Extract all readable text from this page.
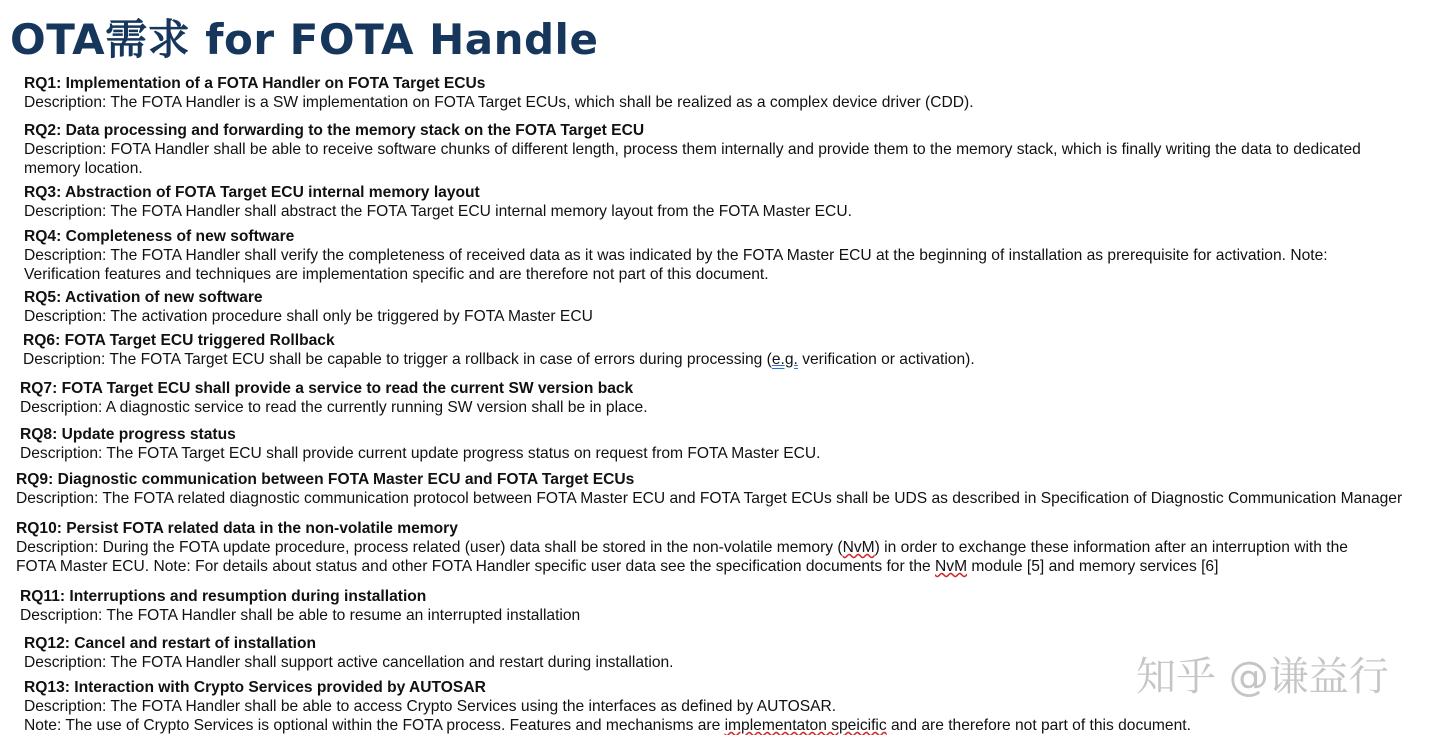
OTA需求 for FOTA Handle
RQ1: Implementation of a FOTA Handler on FOTA Target ECUs
Description: The FOTA Handler is a SW implementation on FOTA Target ECUs, which shall be realized as a complex device driver (CDD).
RQ2: Data processing and forwarding to the memory stack on the FOTA Target ECU
Description: FOTA Handler shall be able to receive software chunks of different length, process them internally and provide them to the memory stack, which is finally writing the data to dedicated
memory location.
RQ3: Abstraction of FOTA Target ECU internal memory layout
Description: The FOTA Handler shall abstract the FOTA Target ECU internal memory layout from the FOTA Master ECU.
RQ4: Completeness of new software
Description: The FOTA Handler shall verify the completeness of received data as it was indicated by the FOTA Master ECU at the beginning of installation as prerequisite for activation. Note:
Verification features and techniques are implementation specific and are therefore not part of this document.
RQ5: Activation of new software
Description: The activation procedure shall only be triggered by FOTA Master ECU
RQ6: FOTA Target ECU triggered Rollback
Description: The FOTA Target ECU shall be capable to trigger a rollback in case of errors during processing (e.g. verification or activation).
RQ7: FOTA Target ECU shall provide a service to read the current SW version back
Description: A diagnostic service to read the currently running SW version shall be in place.
RQ8: Update progress status
Description: The FOTA Target ECU shall provide current update progress status on request from FOTA Master ECU.
RQ9: Diagnostic communication between FOTA Master ECU and FOTA Target ECUs
Description: The FOTA related diagnostic communication protocol between FOTA Master ECU and FOTA Target ECUs shall be UDS as described in Specification of Diagnostic Communication Manager
RQ10: Persist FOTA related data in the non-volatile memory
Description: During the FOTA update procedure, process related (user) data shall be stored in the non-volatile memory (NvM) in order to exchange these information after an interruption with the
FOTA Master ECU. Note: For details about status and other FOTA Handler specific user data see the specification documents for the NvM module [5] and memory services [6]
RQ11: Interruptions and resumption during installation
Description: The FOTA Handler shall be able to resume an interrupted installation
RQ12: Cancel and restart of installation
Description: The FOTA Handler shall support active cancellation and restart during installation.
RQ13: Interaction with Crypto Services provided by AUTOSAR
Description: The FOTA Handler shall be able to access Crypto Services using the interfaces as defined by AUTOSAR.
Note: The use of Crypto Services is optional within the FOTA process. Features and mechanisms are implementaton speicific and are therefore not part of this document.
知乎 @谦益行
